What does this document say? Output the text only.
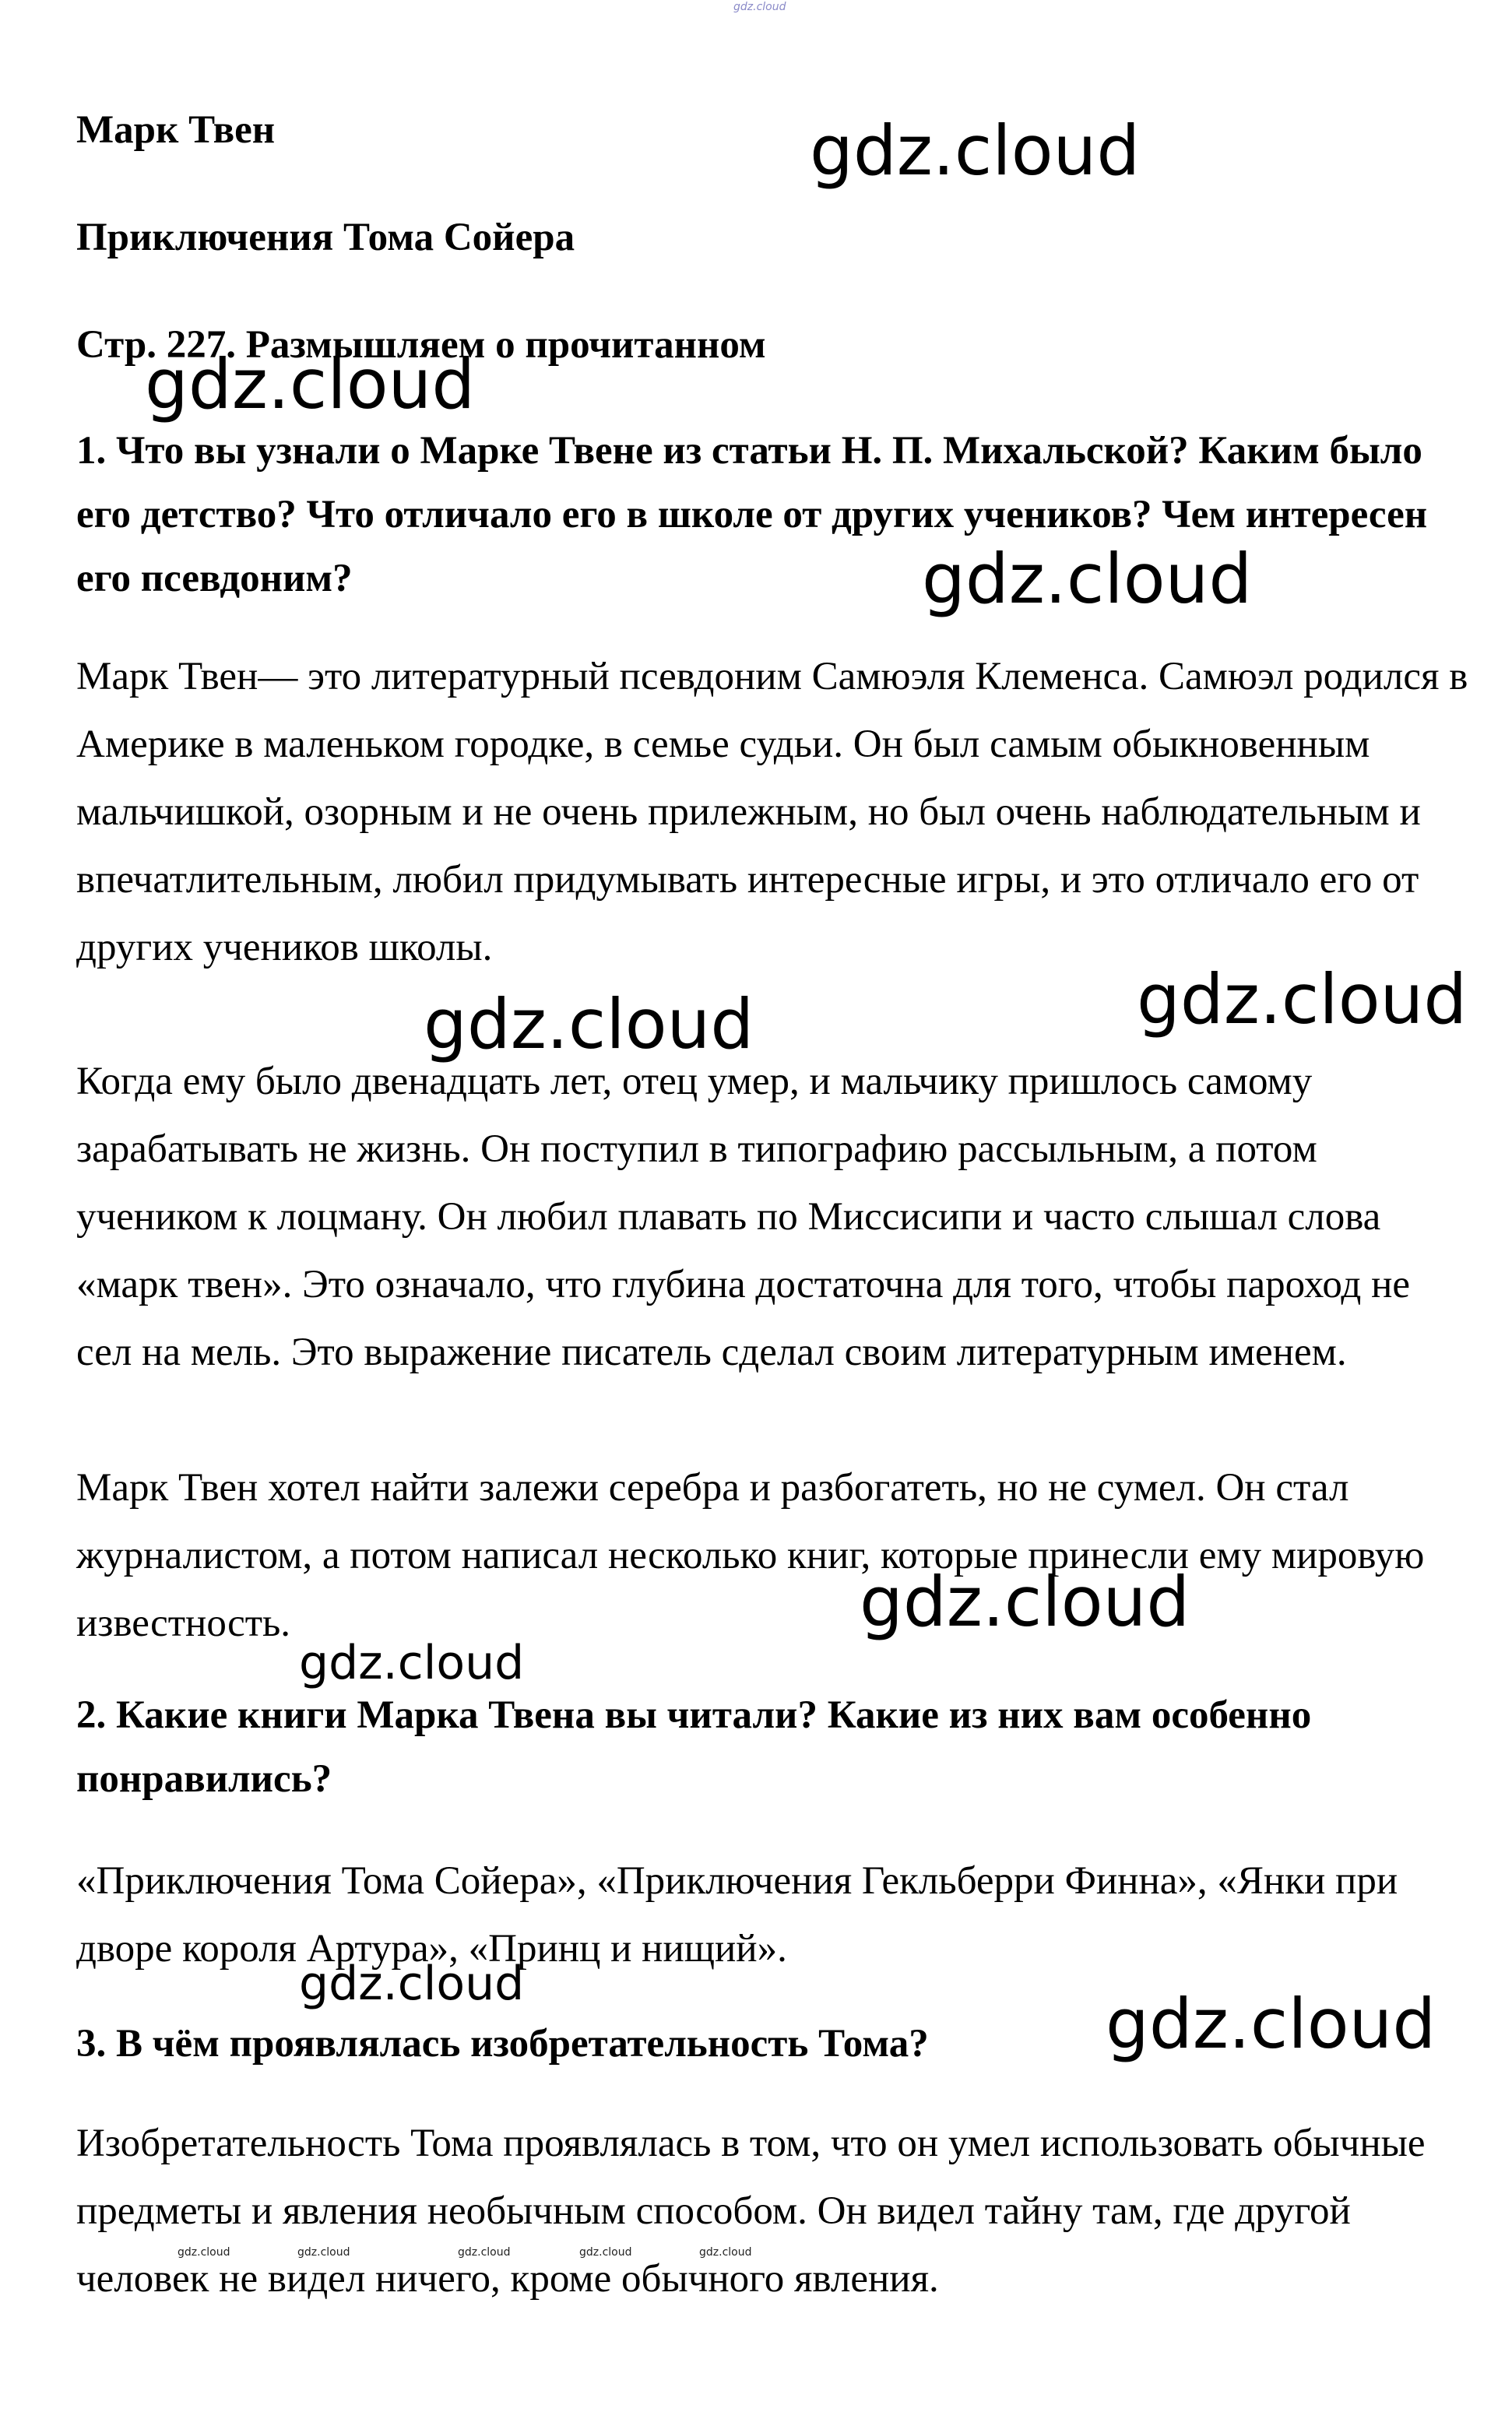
gdz.cloud

Марк Твен

Приключения Тома Сойера

Стр. 227. Размышляем о прочитанном

1. Что вы узнали о Марке Твене из статьи Н. П. Михальской? Каким было его детство? Что отличало его в школе от других учеников? Чем интересен его псевдоним?

Марк Твен— это литературный псевдоним Самюэля Клеменса. Самюэл родился в Америке в маленьком городке, в семье судьи. Он был самым обыкновенным мальчишкой, озорным и не очень прилежным, но был очень наблюдательным и впечатлительным, любил придумывать интересные игры, и это отличало его от других учеников школы.

Когда ему было двенадцать лет, отец умер, и мальчику пришлось самому зарабатывать не жизнь. Он поступил в типографию рассыльным, а потом учеником к лоцману. Он любил плавать по Миссисипи и часто слышал слова «марк твен». Это означало, что глубина достаточна для того, чтобы пароход не сел на мель. Это выражение писатель сделал своим литературным именем.

Марк Твен хотел найти залежи серебра и разбогатеть, но не сумел. Он стал журналистом, а потом написал несколько книг, которые принесли ему мировую известность.

2. Какие книги Марка Твена вы читали? Какие из них вам особенно понравились?

«Приключения Тома Сойера», «Приключения Гекльберри Финна», «Янки при дворе короля Артура», «Принц и нищий».

3. В чём проявлялась изобретательность Тома?

Изобретательность Тома проявлялась в том, что он умел использовать обычные предметы и явления необычным способом. Он видел тайну там, где другой человек не видел ничего, кроме обычного явления.

gdz.cloud
gdz.cloud
gdz.cloud
gdz.cloud	gdz.cloud
gdz.cloud
gdz.cloud
gdz.cloud	gdz.cloud
gdz.cloud	gdz.cloud	gdz.cloud	gdz.cloud	gdz.cloud
